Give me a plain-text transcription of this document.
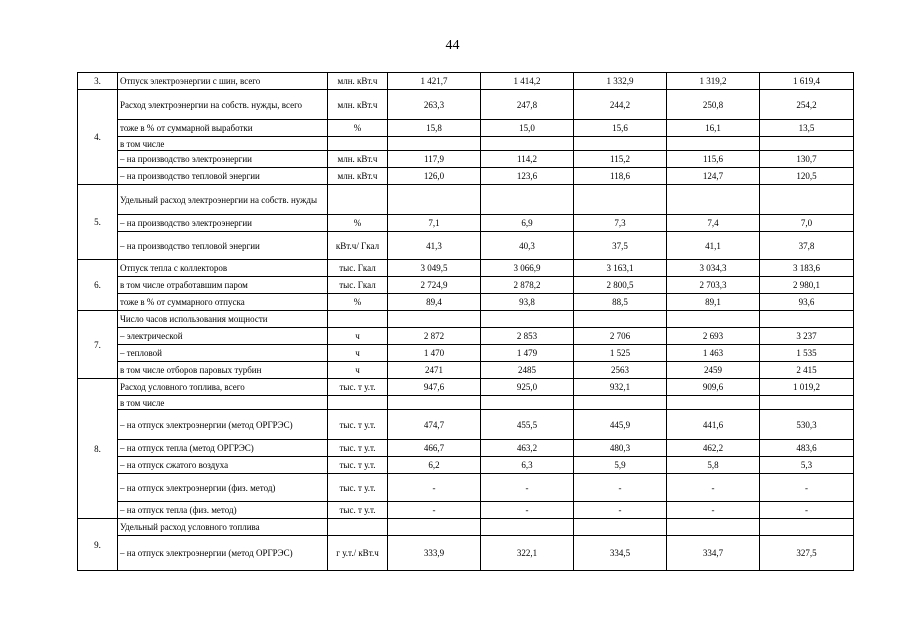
44
3.	Отпуск электроэнергии с шин, всего	млн. кВт.ч	1 421,7	1 414,2	1 332,9	1 319,2	1 619,4
4.	Расход электроэнергии на собств. нужды, всего	млн. кВт.ч	263,3	247,8	244,2	250,8	254,2
	тоже в % от суммарной выработки	%	15,8	15,0	15,6	16,1	13,5
	в том числе						
	– на производство электроэнергии	млн. кВт.ч	117,9	114,2	115,2	115,6	130,7
	– на производство тепловой энергии	млн. кВт.ч	126,0	123,6	118,6	124,7	120,5
5.	Удельный расход электроэнергии на собств. нужды						
	– на производство электроэнергии	%	7,1	6,9	7,3	7,4	7,0
	– на производство тепловой энергии	кВт.ч/ Гкал	41,3	40,3	37,5	41,1	37,8
6.	Отпуск тепла с коллекторов	тыс. Гкал	3 049,5	3 066,9	3 163,1	3 034,3	3 183,6
	в том числе отработавшим паром	тыс. Гкал	2 724,9	2 878,2	2 800,5	2 703,3	2 980,1
	тоже в % от суммарного отпуска	%	89,4	93,8	88,5	89,1	93,6
7.	Число часов использования мощности						
	– электрической	ч	2 872	2 853	2 706	2 693	3 237
	– тепловой	ч	1 470	1 479	1 525	1 463	1 535
	в том числе отборов паровых турбин	ч	2471	2485	2563	2459	2 415
8.	Расход условного топлива, всего	тыс. т у.т.	947,6	925,0	932,1	909,6	1 019,2
	в том числе						
	– на отпуск электроэнергии (метод ОРГРЭС)	тыс. т у.т.	474,7	455,5	445,9	441,6	530,3
	– на отпуск тепла (метод ОРГРЭС)	тыс. т у.т.	466,7	463,2	480,3	462,2	483,6
	– на отпуск сжатого воздуха	тыс. т у.т.	6,2	6,3	5,9	5,8	5,3
	– на отпуск электроэнергии (физ. метод)	тыс. т у.т.	-	-	-	-	-
	– на отпуск тепла (физ. метод)	тыс. т у.т.	-	-	-	-	-
9.	Удельный расход условного топлива						
	– на отпуск электроэнергии (метод ОРГРЭС)	г у.т./ кВт.ч	333,9	322,1	334,5	334,7	327,5
